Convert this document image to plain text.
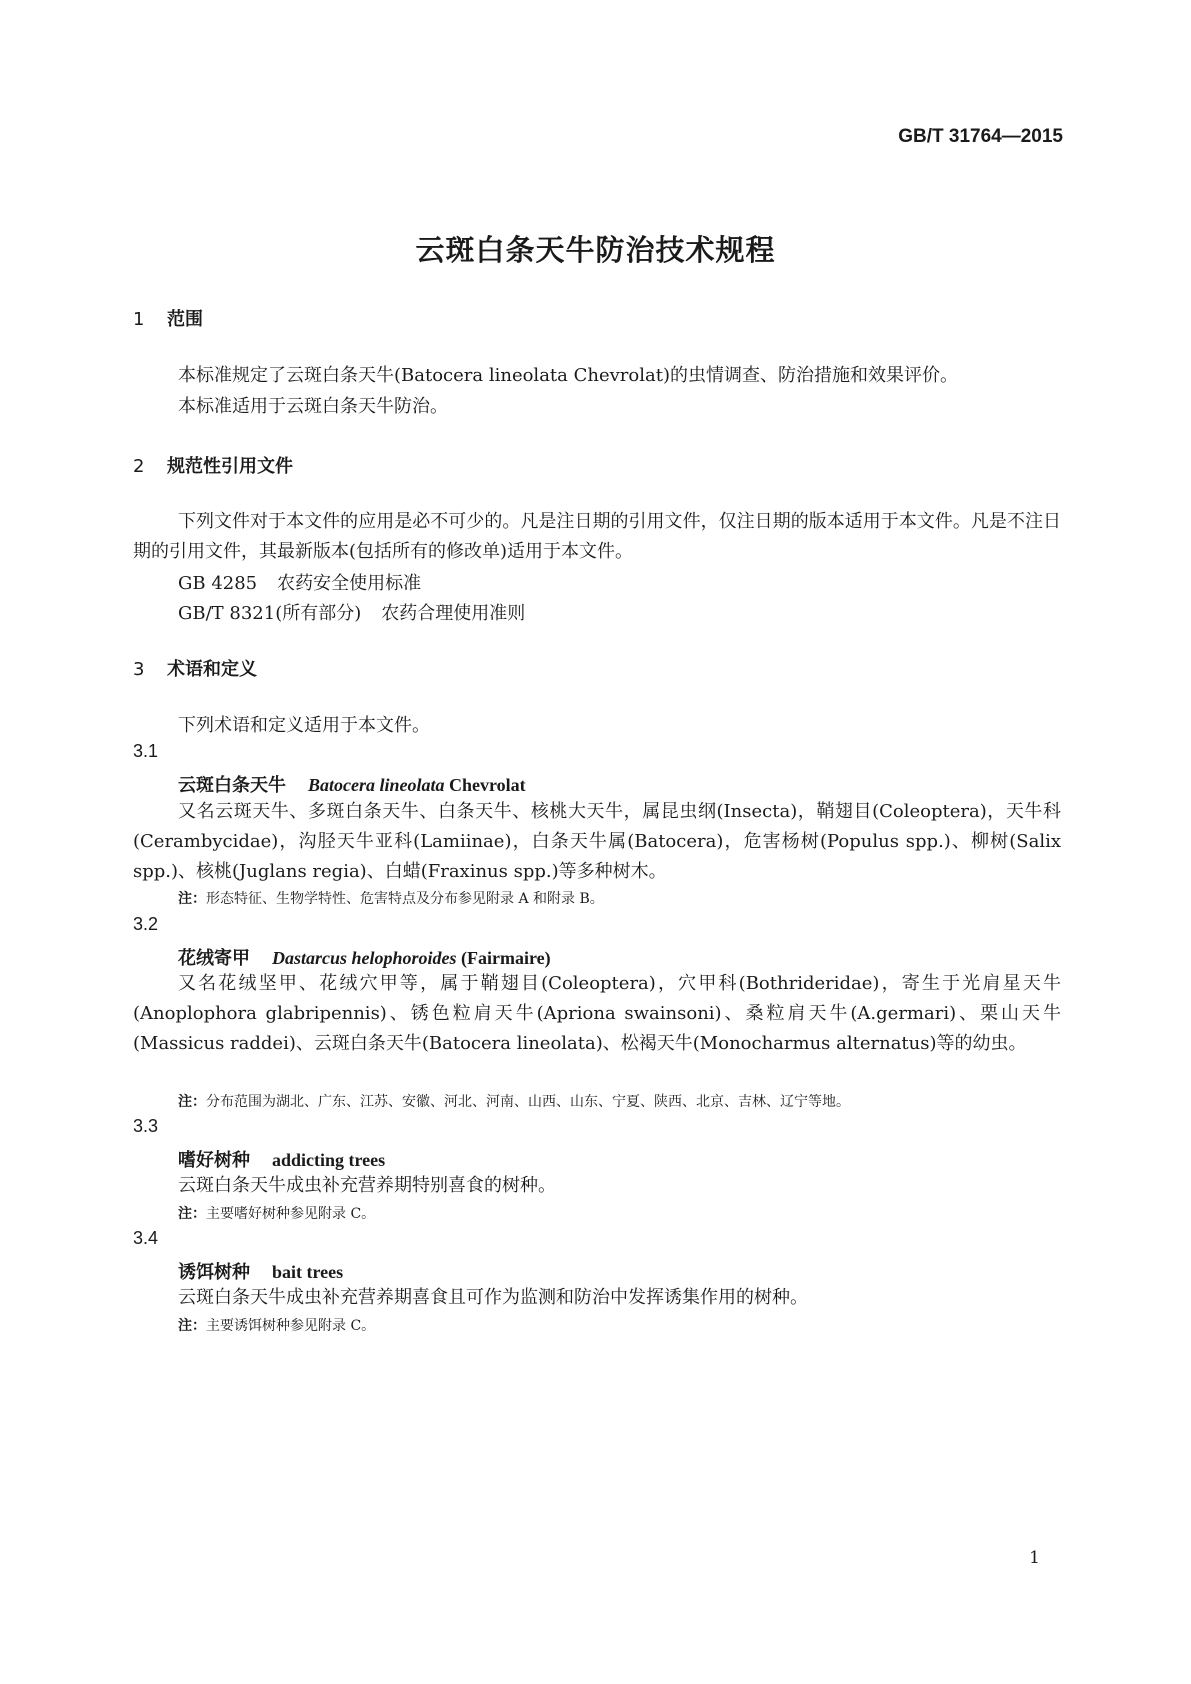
GB/T 31764—2015
云斑白条天牛防治技术规程
1 范围
本标准规定了云斑白条天牛(Batocera lineolata Chevrolat)的虫情调查、防治措施和效果评价。
本标准适用于云斑白条天牛防治。
2 规范性引用文件
下列文件对于本文件的应用是必不可少的。凡是注日期的引用文件，仅注日期的版本适用于本文件。凡是不注日期的引用文件，其最新版本(包括所有的修改单)适用于本文件。
GB 4285 农药安全使用标准
GB/T 8321(所有部分) 农药合理使用准则
3 术语和定义
下列术语和定义适用于本文件。
3.1
云斑白条天牛 Batocera lineolata Chevrolat
又名云斑天牛、多斑白条天牛、白条天牛、核桃大天牛，属昆虫纲(Insecta)，鞘翅目(Coleoptera)，天牛科(Cerambycidae)，沟胫天牛亚科(Lamiinae)，白条天牛属(Batocera)，危害杨树(Populus spp.)、柳树(Salix spp.)、核桃(Juglans regia)、白蜡(Fraxinus spp.)等多种树木。
注：形态特征、生物学特性、危害特点及分布参见附录 A 和附录 B。
3.2
花绒寄甲 Dastarcus helophoroides (Fairmaire)
又名花绒坚甲、花绒穴甲等，属于鞘翅目(Coleoptera)，穴甲科(Bothrideridae)，寄生于光肩星天牛(Anoplophora glabripennis)、锈色粒肩天牛(Apriona swainsoni)、桑粒肩天牛(A.germari)、栗山天牛(Massicus raddei)、云斑白条天牛(Batocera lineolata)、松褐天牛(Monocharmus alternatus)等的幼虫。
注：分布范围为湖北、广东、江苏、安徽、河北、河南、山西、山东、宁夏、陕西、北京、吉林、辽宁等地。
3.3
嗜好树种 addicting trees
云斑白条天牛成虫补充营养期特别喜食的树种。
注：主要嗜好树种参见附录 C。
3.4
诱饵树种 bait trees
云斑白条天牛成虫补充营养期喜食且可作为监测和防治中发挥诱集作用的树种。
注：主要诱饵树种参见附录 C。
1
